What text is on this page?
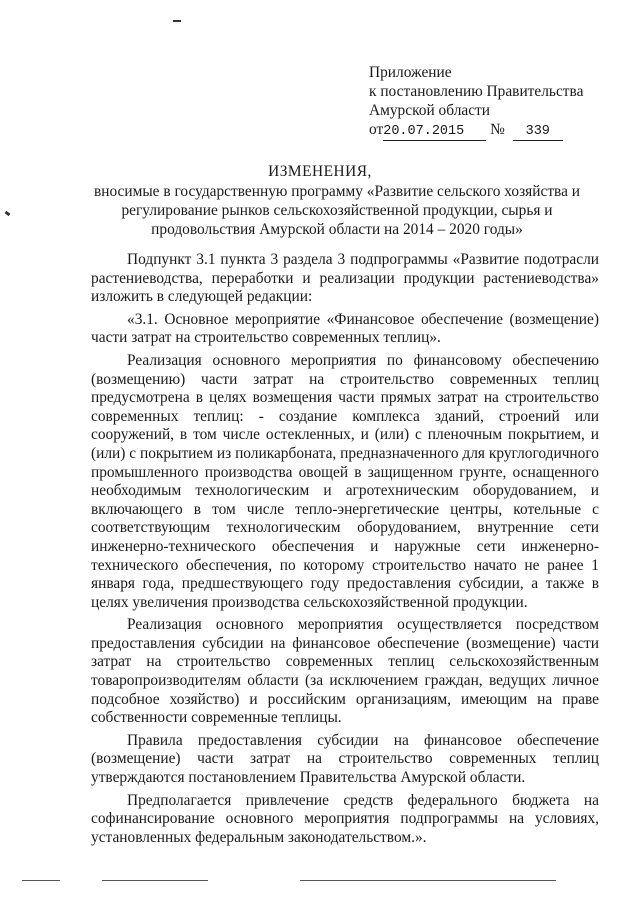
Приложение
к постановлению Правительства
Амурской области
от20.07.2015 № 339
ИЗМЕНЕНИЯ,
вносимые в государственную программу «Развитие сельского хозяйства и регулирование рынков сельскохозяйственной продукции, сырья и продовольствия Амурской области на 2014 – 2020 годы»

Подпункт 3.1 пункта 3 раздела 3 подпрограммы «Развитие подотрасли растениеводства, переработки и реализации продукции растениеводства» изложить в следующей редакции:

«3.1. Основное мероприятие «Финансовое обеспечение (возмещение) части затрат на строительство современных теплиц».

Реализация основного мероприятия по финансовому обеспечению (возмещению) части затрат на строительство современных теплиц предусмотрена в целях возмещения части прямых затрат на строительство современных теплиц: - создание комплекса зданий, строений или сооружений, в том числе остекленных, и (или) с пленочным покрытием, и (или) с покрытием из поликарбоната, предназначенного для круглогодичного промышленного производства овощей в защищенном грунте, оснащенного необходимым технологическим и агротехническим оборудованием, и включающего в том числе тепло-энергетические центры, котельные с соответствующим технологическим оборудованием, внутренние сети инженерно-технического обеспечения и наружные сети инженерно-технического обеспечения, по которому строительство начато не ранее 1 января года, предшествующего году предоставления субсидии, а также в целях увеличения производства сельскохозяйственной продукции.

Реализация основного мероприятия осуществляется посредством предоставления субсидии на финансовое обеспечение (возмещение) части затрат на строительство современных теплиц сельскохозяйственным товаропроизводителям области (за исключением граждан, ведущих личное подсобное хозяйство) и российским организациям, имеющим на праве собственности современные теплицы.

Правила предоставления субсидии на финансовое обеспечение (возмещение) части затрат на строительство современных теплиц утверждаются постановлением Правительства Амурской области.

Предполагается привлечение средств федерального бюджета на софинансирование основного мероприятия подпрограммы на условиях, установленных федеральным законодательством.».
